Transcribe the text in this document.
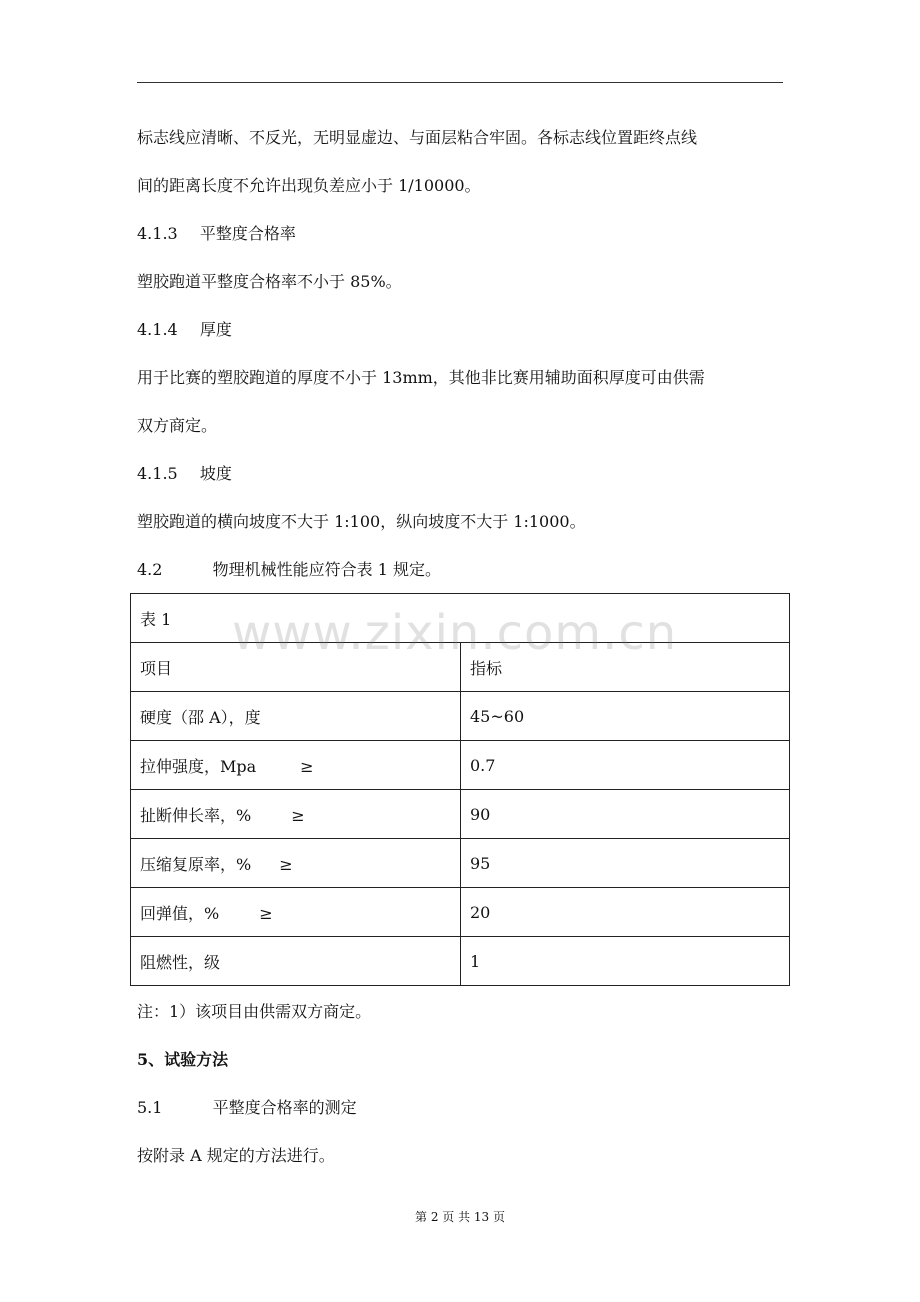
标志线应清晰、不反光，无明显虚边、与面层粘合牢固。各标志线位置距终点线
间的距离长度不允许出现负差应小于 1/10000。
4.1.3 平整度合格率
塑胶跑道平整度合格率不小于 85%。
4.1.4 厚度
用于比赛的塑胶跑道的厚度不小于 13mm，其他非比赛用辅助面积厚度可由供需
双方商定。
4.1.5 坡度
塑胶跑道的横向坡度不大于 1:100，纵向坡度不大于 1:1000。
4.2	物理机械性能应符合表 1 规定。
表 1	
项目	指标
硬度（邵 A），度	45~60
拉伸强度，Mpa ≥	0.7
扯断伸长率，% ≥	90
压缩复原率，% ≥	95
回弹值，% ≥	20
阻燃性，级	1
www.zixin.com.cn
注：1）该项目由供需双方商定。
5、试验方法
5.1	平整度合格率的测定
按附录 A 规定的方法进行。
第 2 页 共 13 页
